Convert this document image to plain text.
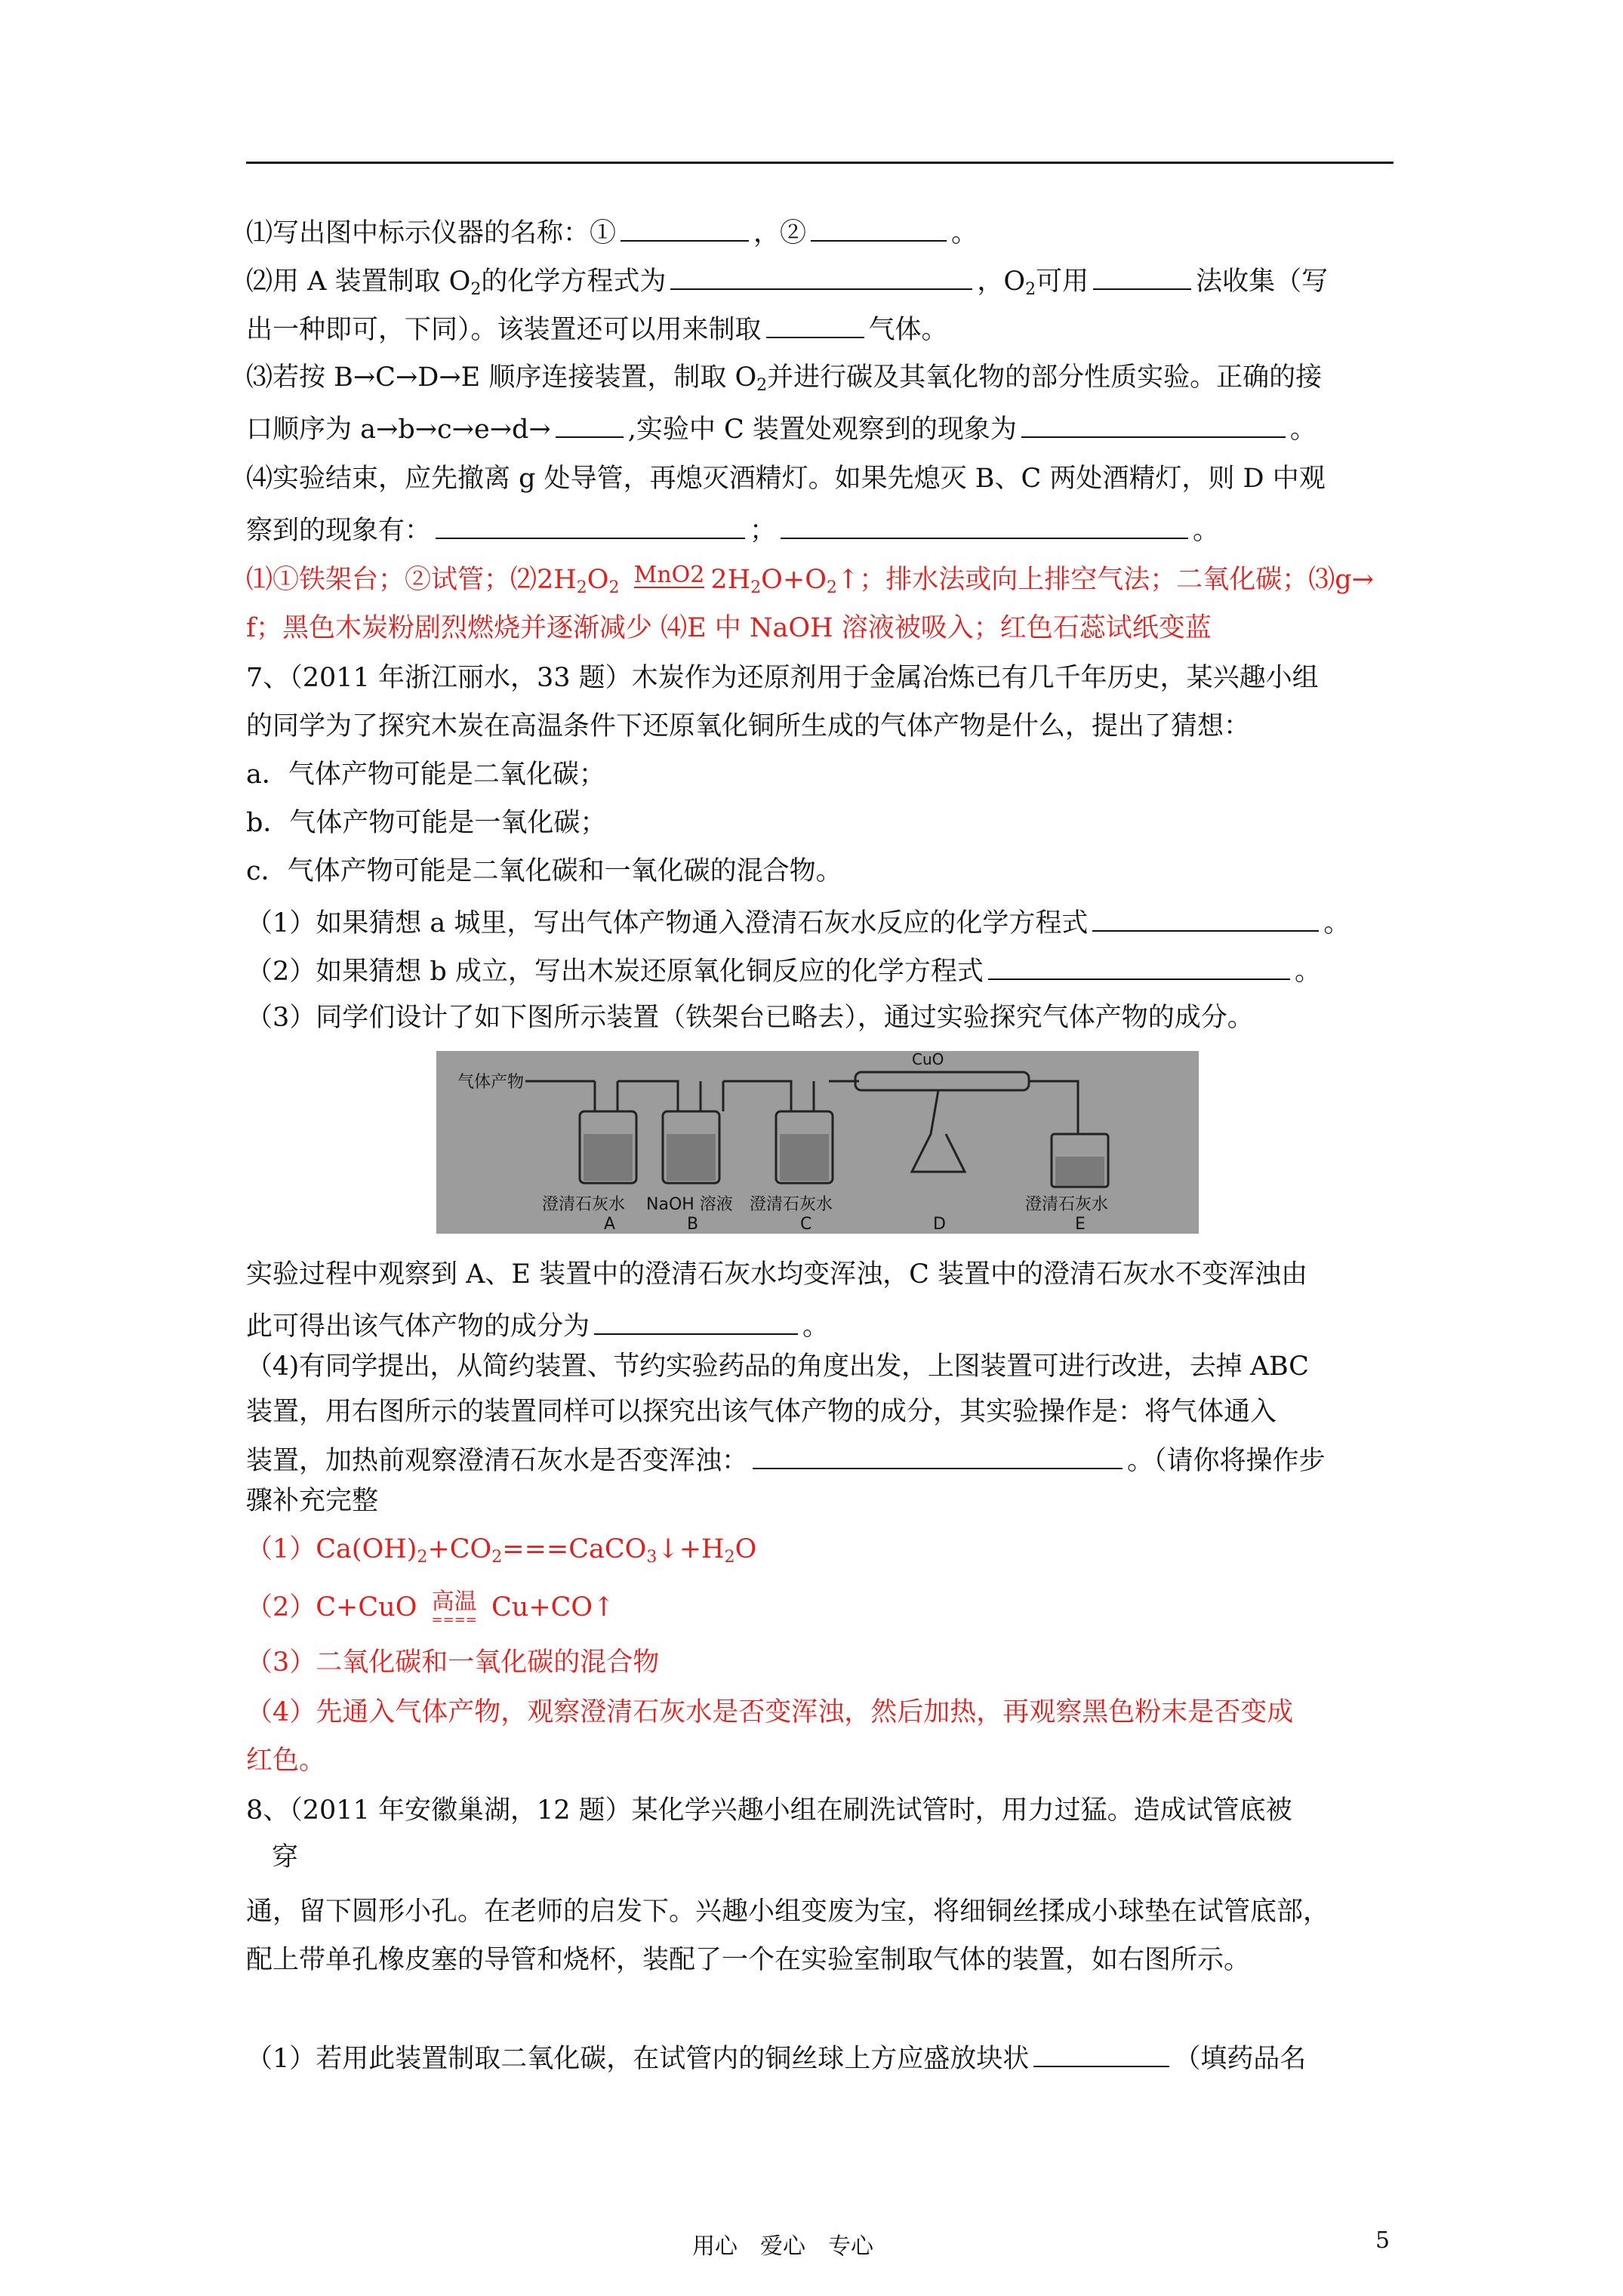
⑴写出图中标示仪器的名称：①	，②	。
⑵用 A 装置制取 $O_2$的化学方程式为	，$O_2$可用	法收集（写
出一种即可，下同）。该装置还可以用来制取	气体。
⑶若按 B→C→D→E 顺序连接装置，制取 $O_2$并进行碳及其氧化物的部分性质实验。正确的接
口顺序为 a→b→c→e→d→	,实验中 C 装置处观察到的现象为	。
⑷实验结束，应先撤离 g 处导管，再熄灭酒精灯。如果先熄灭 B、C 两处酒精灯，则 D 中观
察到的现象有：	；	。
⑴①铁架台；②试管；$⑵2H_2O_2$ MnO2 $2H_2O+O_2↑$；排水法或向上排空气法；二氧化碳；⑶g→
f；黑色木炭粉剧烈燃烧并逐渐减少 ⑷E 中 NaOH 溶液被吸入；红色石蕊试纸变蓝
7、（2011 年浙江丽水，33 题）木炭作为还原剂用于金属冶炼已有几千年历史，某兴趣小组
的同学为了探究木炭在高温条件下还原氧化铜所生成的气体产物是什么，提出了猜想：
a．气体产物可能是二氧化碳；
b．气体产物可能是一氧化碳；
c．气体产物可能是二氧化碳和一氧化碳的混合物。
（1）如果猜想 a 城里，写出气体产物通入澄清石灰水反应的化学方程式	。
（2）如果猜想 b 成立，写出木炭还原氧化铜反应的化学方程式	。
（3）同学们设计了如下图所示装置（铁架台已略去），通过实验探究气体产物的成分。
气体产物
CuO
澄清石灰水 NaOH 溶液 澄清石灰水	澄清石灰水
A	B	C	D	E
实验过程中观察到 A、E 装置中的澄清石灰水均变浑浊，C 装置中的澄清石灰水不变浑浊由
此可得出该气体产物的成分为	。
（4)有同学提出，从简约装置、节约实验药品的角度出发，上图装置可进行改进，去掉 ABC
装置，用右图所示的装置同样可以探究出该气体产物的成分，其实验操作是：将气体通入
装置，加热前观察澄清石灰水是否变浑浊：	。（请你将操作步
骤补充完整
$(1)Ca(OH)_2+CO_2===CaCO_3↓+H_2O$
（2）C+CuO 高温
==== Cu+CO↑
（3）二氧化碳和一氧化碳的混合物
（4）先通入气体产物，观察澄清石灰水是否变浑浊，然后加热，再观察黑色粉末是否变成
红色。
8、（2011 年安徽巢湖，12 题）某化学兴趣小组在刷洗试管时，用力过猛。造成试管底被
穿
通，留下圆形小孔。在老师的启发下。兴趣小组变废为宝，将细铜丝揉成小球垫在试管底部，
配上带单孔橡皮塞的导管和烧杯，装配了一个在实验室制取气体的装置，如右图所示。
（1）若用此装置制取二氧化碳，在试管内的铜丝球上方应盛放块状	（填药品名
用心　爱心　专心	5
